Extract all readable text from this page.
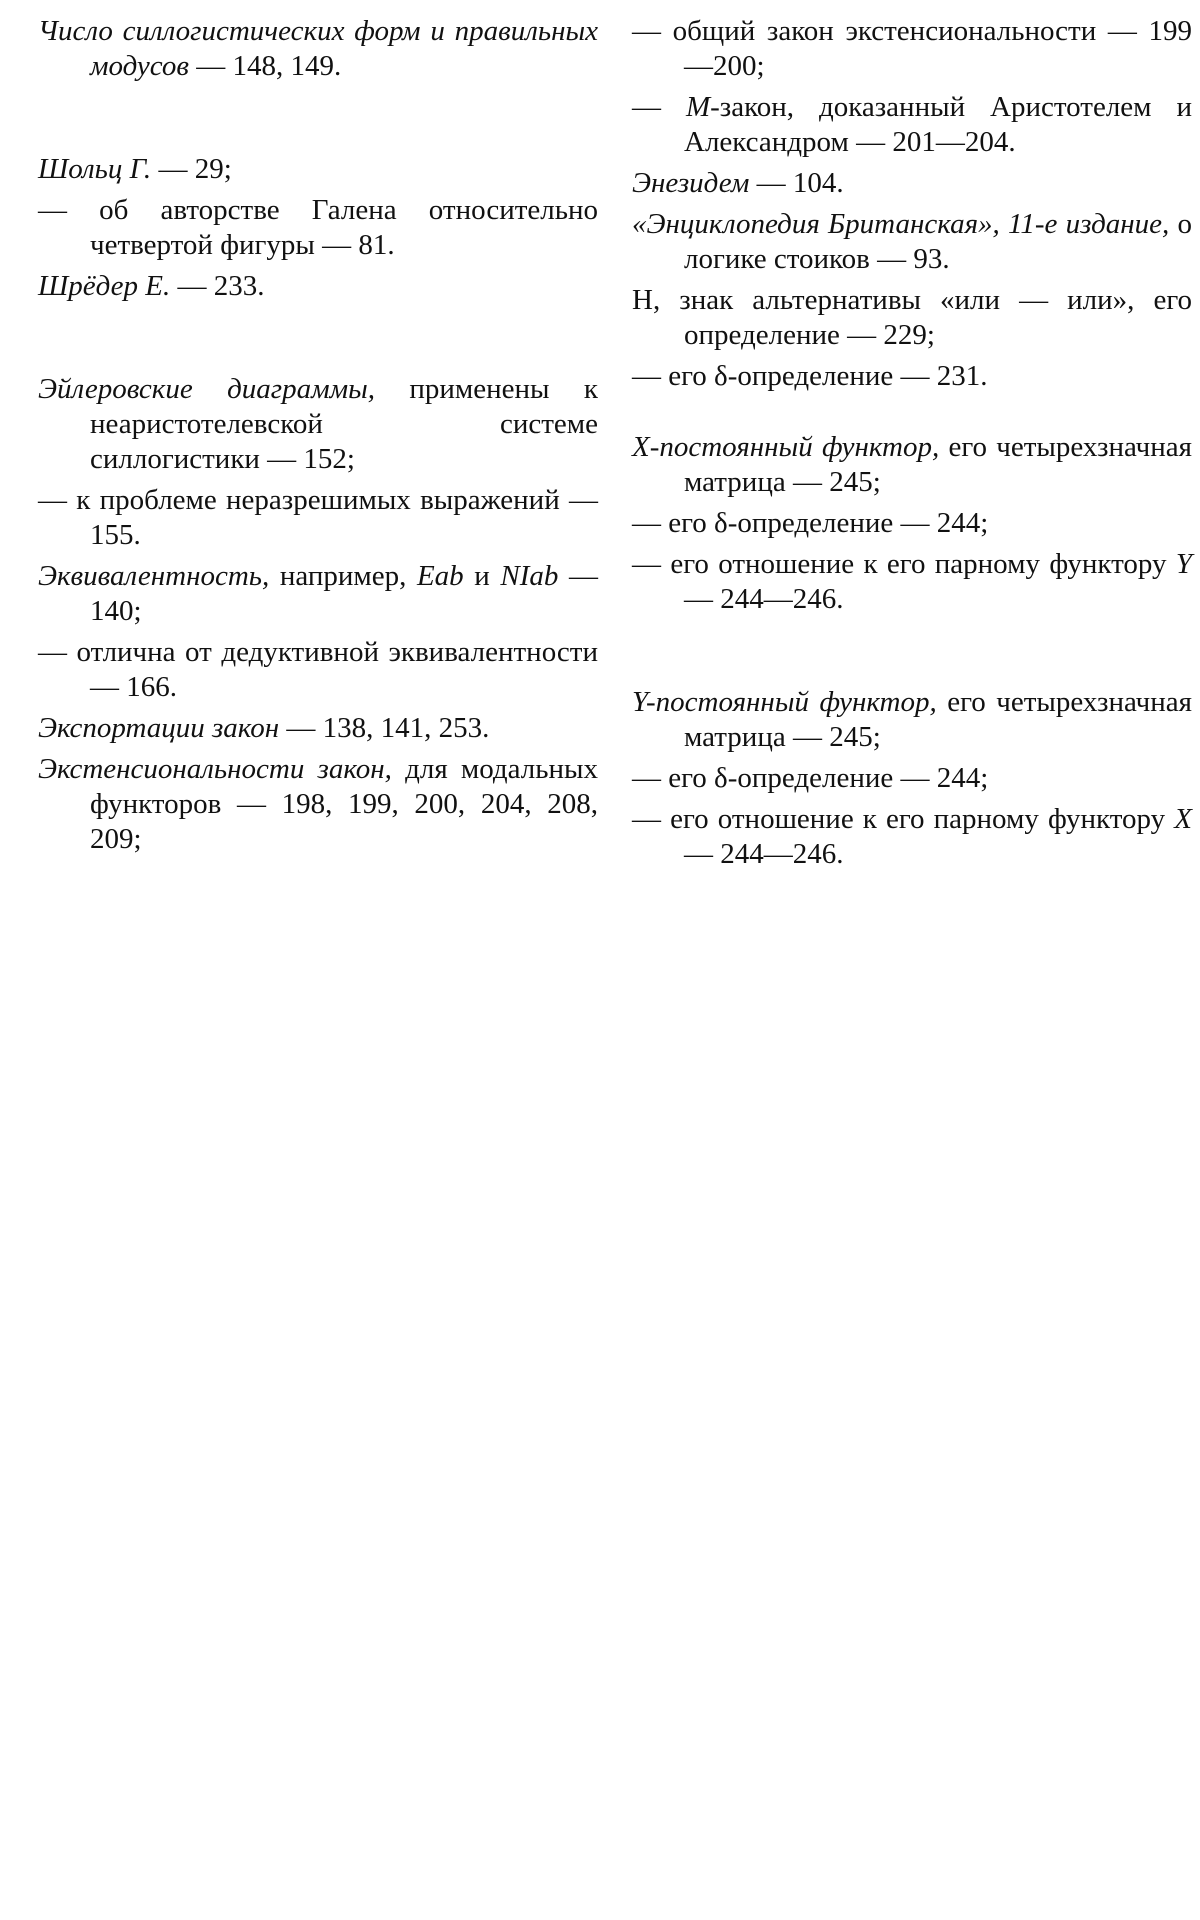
Число силлогистических форм и правильных модусов — 148, 149.

Шольц Г. — 29;

— об авторстве Галена относительно четвертой фигуры — 81.

Шрёдер Е. — 233.

Эйлеровские диаграммы, применены к неаристотелевской системе силлогистики — 152;

— к проблеме неразрешимых выражений — 155.

Эквивалентность, например, Eab и NIab — 140;

— отлична от дедуктивной эквивалентности — 166.

Экспортации закон — 138, 141, 253.

Экстенсиональности закон, для модальных функторов — 198, 199, 200, 204, 208, 209;

— общий закон экстенсиональности — 199—200;

— М-закон, доказанный Аристотелем и Александром — 201—204.

Энезидем — 104.

«Энциклопедия Британская», 11-е издание, о логике стоиков — 93.

Н, знак альтернативы «или — или», его определение — 229;

— его δ-определение — 231.

X-постоянный функтор, его четырехзначная матрица — 245;

— его δ-определение — 244;

— его отношение к его парному функтору Y — 244—246.

Y-постоянный функтор, его четырехзначная матрица — 245;

— его δ-определение — 244;

— его отношение к его парному функтору X — 244—246.
